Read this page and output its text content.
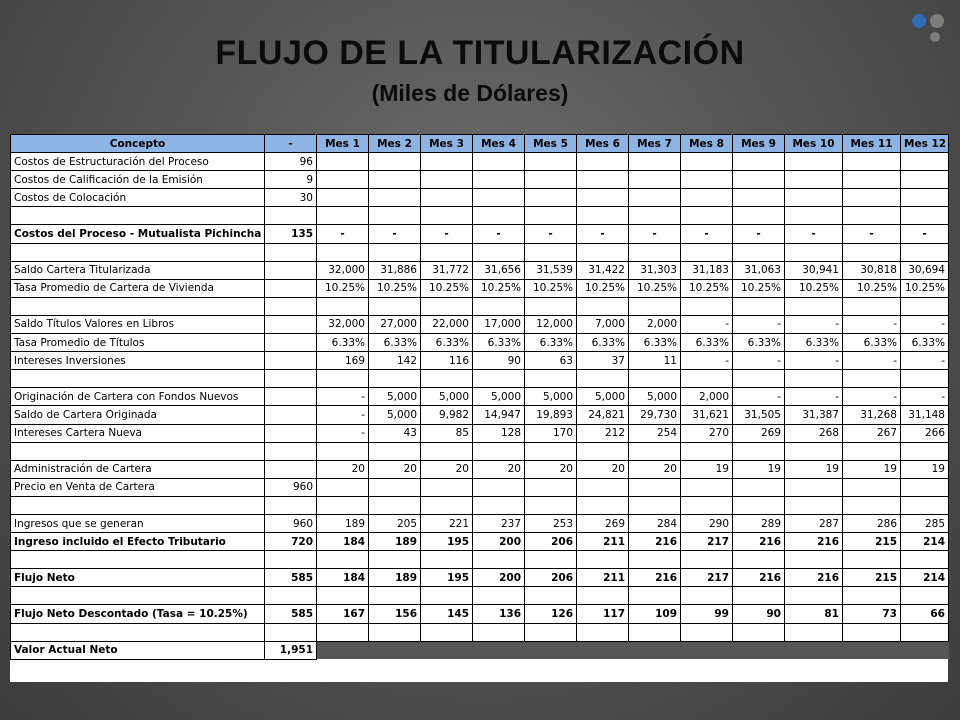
FLUJO DE LA TITULARIZACIÓN
(Miles de Dólares)
Concepto	-	Mes 1	Mes 2	Mes 3	Mes 4	Mes 5	Mes 6	Mes 7	Mes 8	Mes 9	Mes 10	Mes 11	Mes 12
Costos de Estructuración del Proceso	96												
Costos de Calificación de la Emisión	9												
Costos de Colocación	30												

Costos del Proceso - Mutualista Pichincha	135	-	-	-	-	-	-	-	-	-	-	-	-

Saldo Cartera Titularizada		32,000	31,886	31,772	31,656	31,539	31,422	31,303	31,183	31,063	30,941	30,818	30,694
Tasa Promedio de Cartera de Vivienda		10.25%	10.25%	10.25%	10.25%	10.25%	10.25%	10.25%	10.25%	10.25%	10.25%	10.25%	10.25%

Saldo Títulos Valores en Libros		32,000	27,000	22,000	17,000	12,000	7,000	2,000	-	-	-	-	-
Tasa Promedio de Títulos		6.33%	6.33%	6.33%	6.33%	6.33%	6.33%	6.33%	6.33%	6.33%	6.33%	6.33%	6.33%
Intereses Inversiones		169	142	116	90	63	37	11	-	-	-	-	-

Originación de Cartera con Fondos Nuevos		-	5,000	5,000	5,000	5,000	5,000	5,000	2,000	-	-	-	-
Saldo de Cartera Originada		-	5,000	9,982	14,947	19,893	24,821	29,730	31,621	31,505	31,387	31,268	31,148
Intereses Cartera Nueva		-	43	85	128	170	212	254	270	269	268	267	266

Administración de Cartera		20	20	20	20	20	20	20	19	19	19	19	19
Precio en Venta de Cartera	960												

Ingresos que se generan	960	189	205	221	237	253	269	284	290	289	287	286	285
Ingreso incluido el Efecto Tributario	720	184	189	195	200	206	211	216	217	216	216	215	214

Flujo Neto	585	184	189	195	200	206	211	216	217	216	216	215	214

Flujo Neto Descontado (Tasa = 10.25%)	585	167	156	145	136	126	117	109	99	90	81	73	66

Valor Actual Neto	1,951												
